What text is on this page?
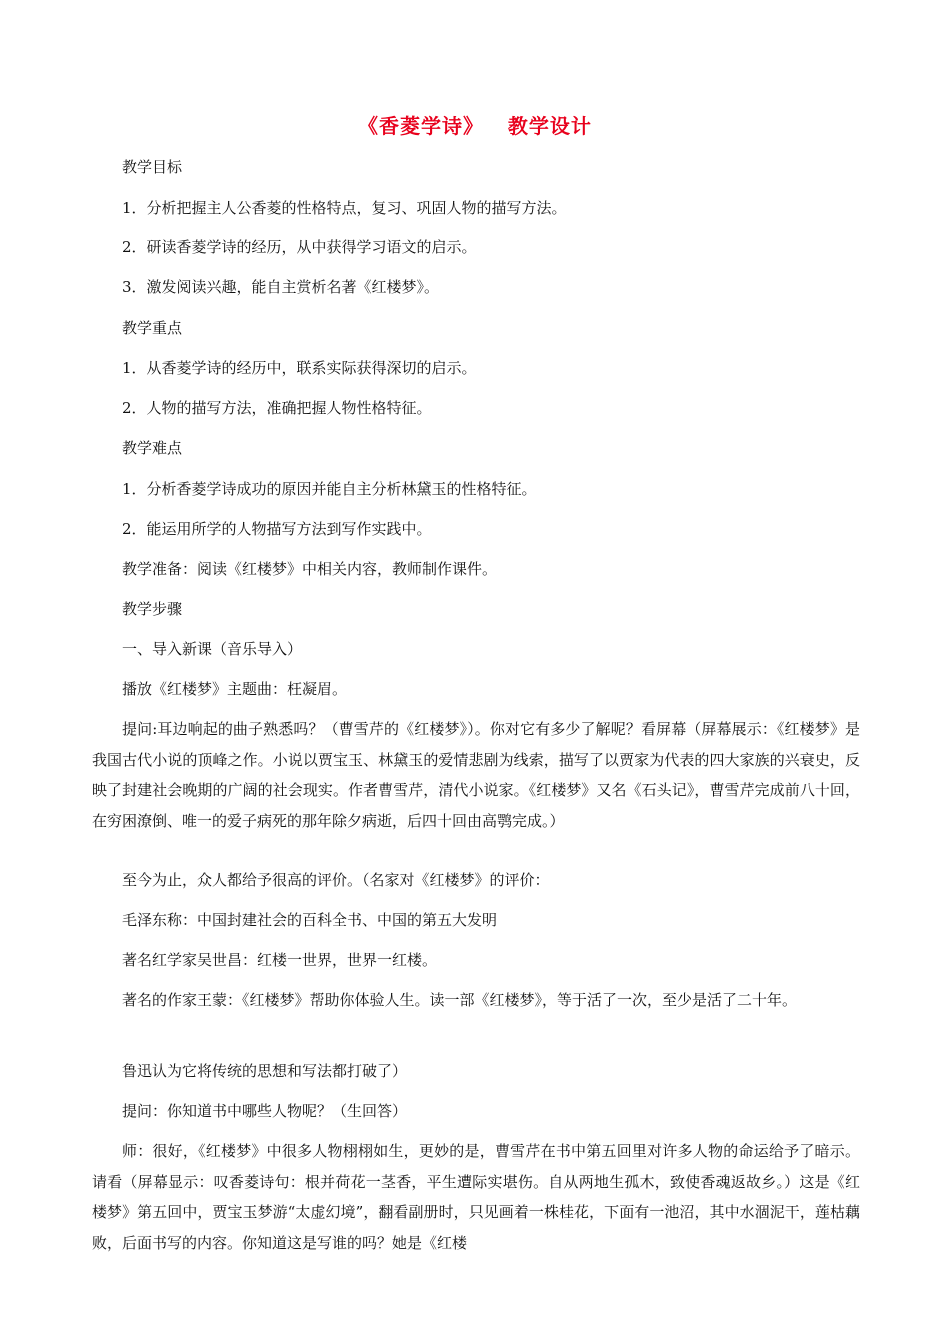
《香菱学诗》   教学设计
教学目标
1．分析把握主人公香菱的性格特点，复习、巩固人物的描写方法。
2．研读香菱学诗的经历，从中获得学习语文的启示。
3．激发阅读兴趣，能自主赏析名著《红楼梦》。
教学重点
1．从香菱学诗的经历中，联系实际获得深切的启示。
2．人物的描写方法，准确把握人物性格特征。
教学难点
1．分析香菱学诗成功的原因并能自主分析林黛玉的性格特征。
2．能运用所学的人物描写方法到写作实践中。
教学准备：阅读《红楼梦》中相关内容，教师制作课件。
教学步骤
一、导入新课（音乐导入）
播放《红楼梦》主题曲：枉凝眉。
提问:耳边响起的曲子熟悉吗？（曹雪芹的《红楼梦》）。你对它有多少了解呢？看屏幕（屏幕展示：《红楼梦》是我国古代小说的顶峰之作。小说以贾宝玉、林黛玉的爱情悲剧为线索，描写了以贾家为代表的四大家族的兴衰史，反映了封建社会晚期的广阔的社会现实。作者曹雪芹，清代小说家。《红楼梦》又名《石头记》，曹雪芹完成前八十回，在穷困潦倒、唯一的爱子病死的那年除夕病逝，后四十回由高鹗完成。）
至今为止，众人都给予很高的评价。（名家对《红楼梦》的评价：
毛泽东称：中国封建社会的百科全书、中国的第五大发明
著名红学家吴世昌：红楼一世界，世界一红楼。
著名的作家王蒙：《红楼梦》帮助你体验人生。读一部《红楼梦》，等于活了一次，至少是活了二十年。
鲁迅认为它将传统的思想和写法都打破了）
提问：你知道书中哪些人物呢？（生回答）
师：很好，《红楼梦》中很多人物栩栩如生，更妙的是，曹雪芹在书中第五回里对许多人物的命运给予了暗示。请看（屏幕显示：叹香菱诗句：根并荷花一茎香，平生遭际实堪伤。自从两地生孤木，致使香魂返故乡。）这是《红楼梦》第五回中，贾宝玉梦游“太虚幻境”，翻看副册时，只见画着一株桂花，下面有一池沼，其中水涸泥干，莲枯藕败，后面书写的内容。你知道这是写谁的吗？她是《红楼
